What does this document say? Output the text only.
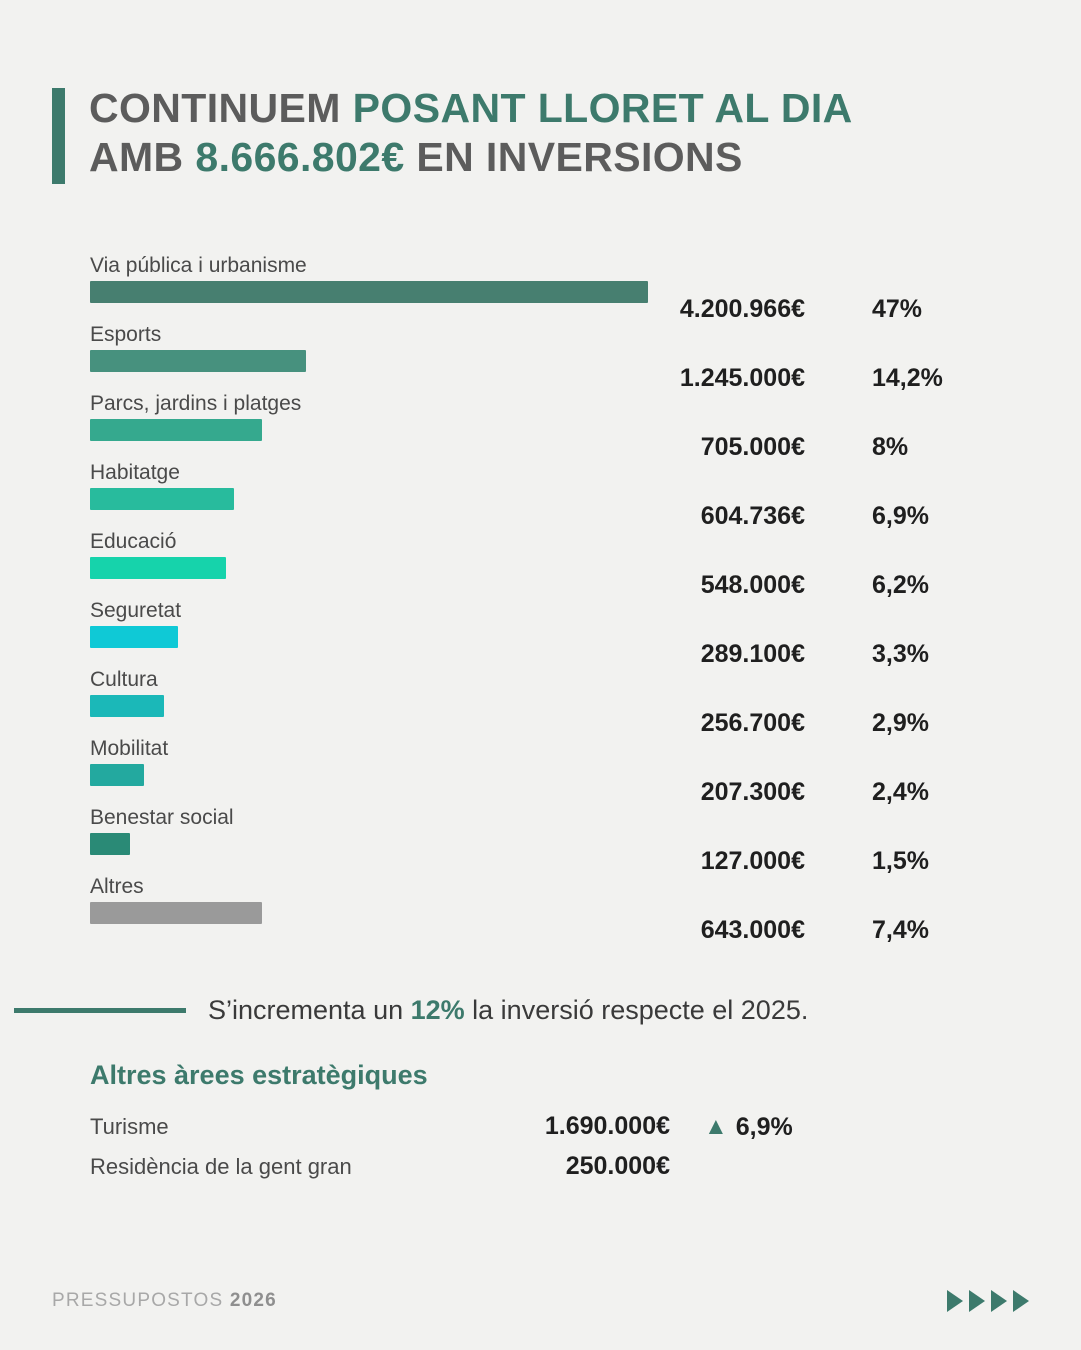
CONTINUEM POSANT LLORET AL DIA
AMB 8.666.802€ EN INVERSIONS
Via pública i urbanisme
4.200.966€	47%
Esports
1.245.000€	14,2%
Parcs, jardins i platges
705.000€	8%
Habitatge
604.736€	6,9%
Educació
548.000€	6,2%
Seguretat
289.100€	3,3%
Cultura
256.700€	2,9%
Mobilitat
207.300€	2,4%
Benestar social
127.000€	1,5%
Altres
643.000€	7,4%
S’incrementa un 12% la inversió respecte el 2025.
Altres àrees estratègiques
Turisme	1.690.000€ ▲ 6,9%
Residència de la gent gran	250.000€
PRESSUPOSTOS 2026
